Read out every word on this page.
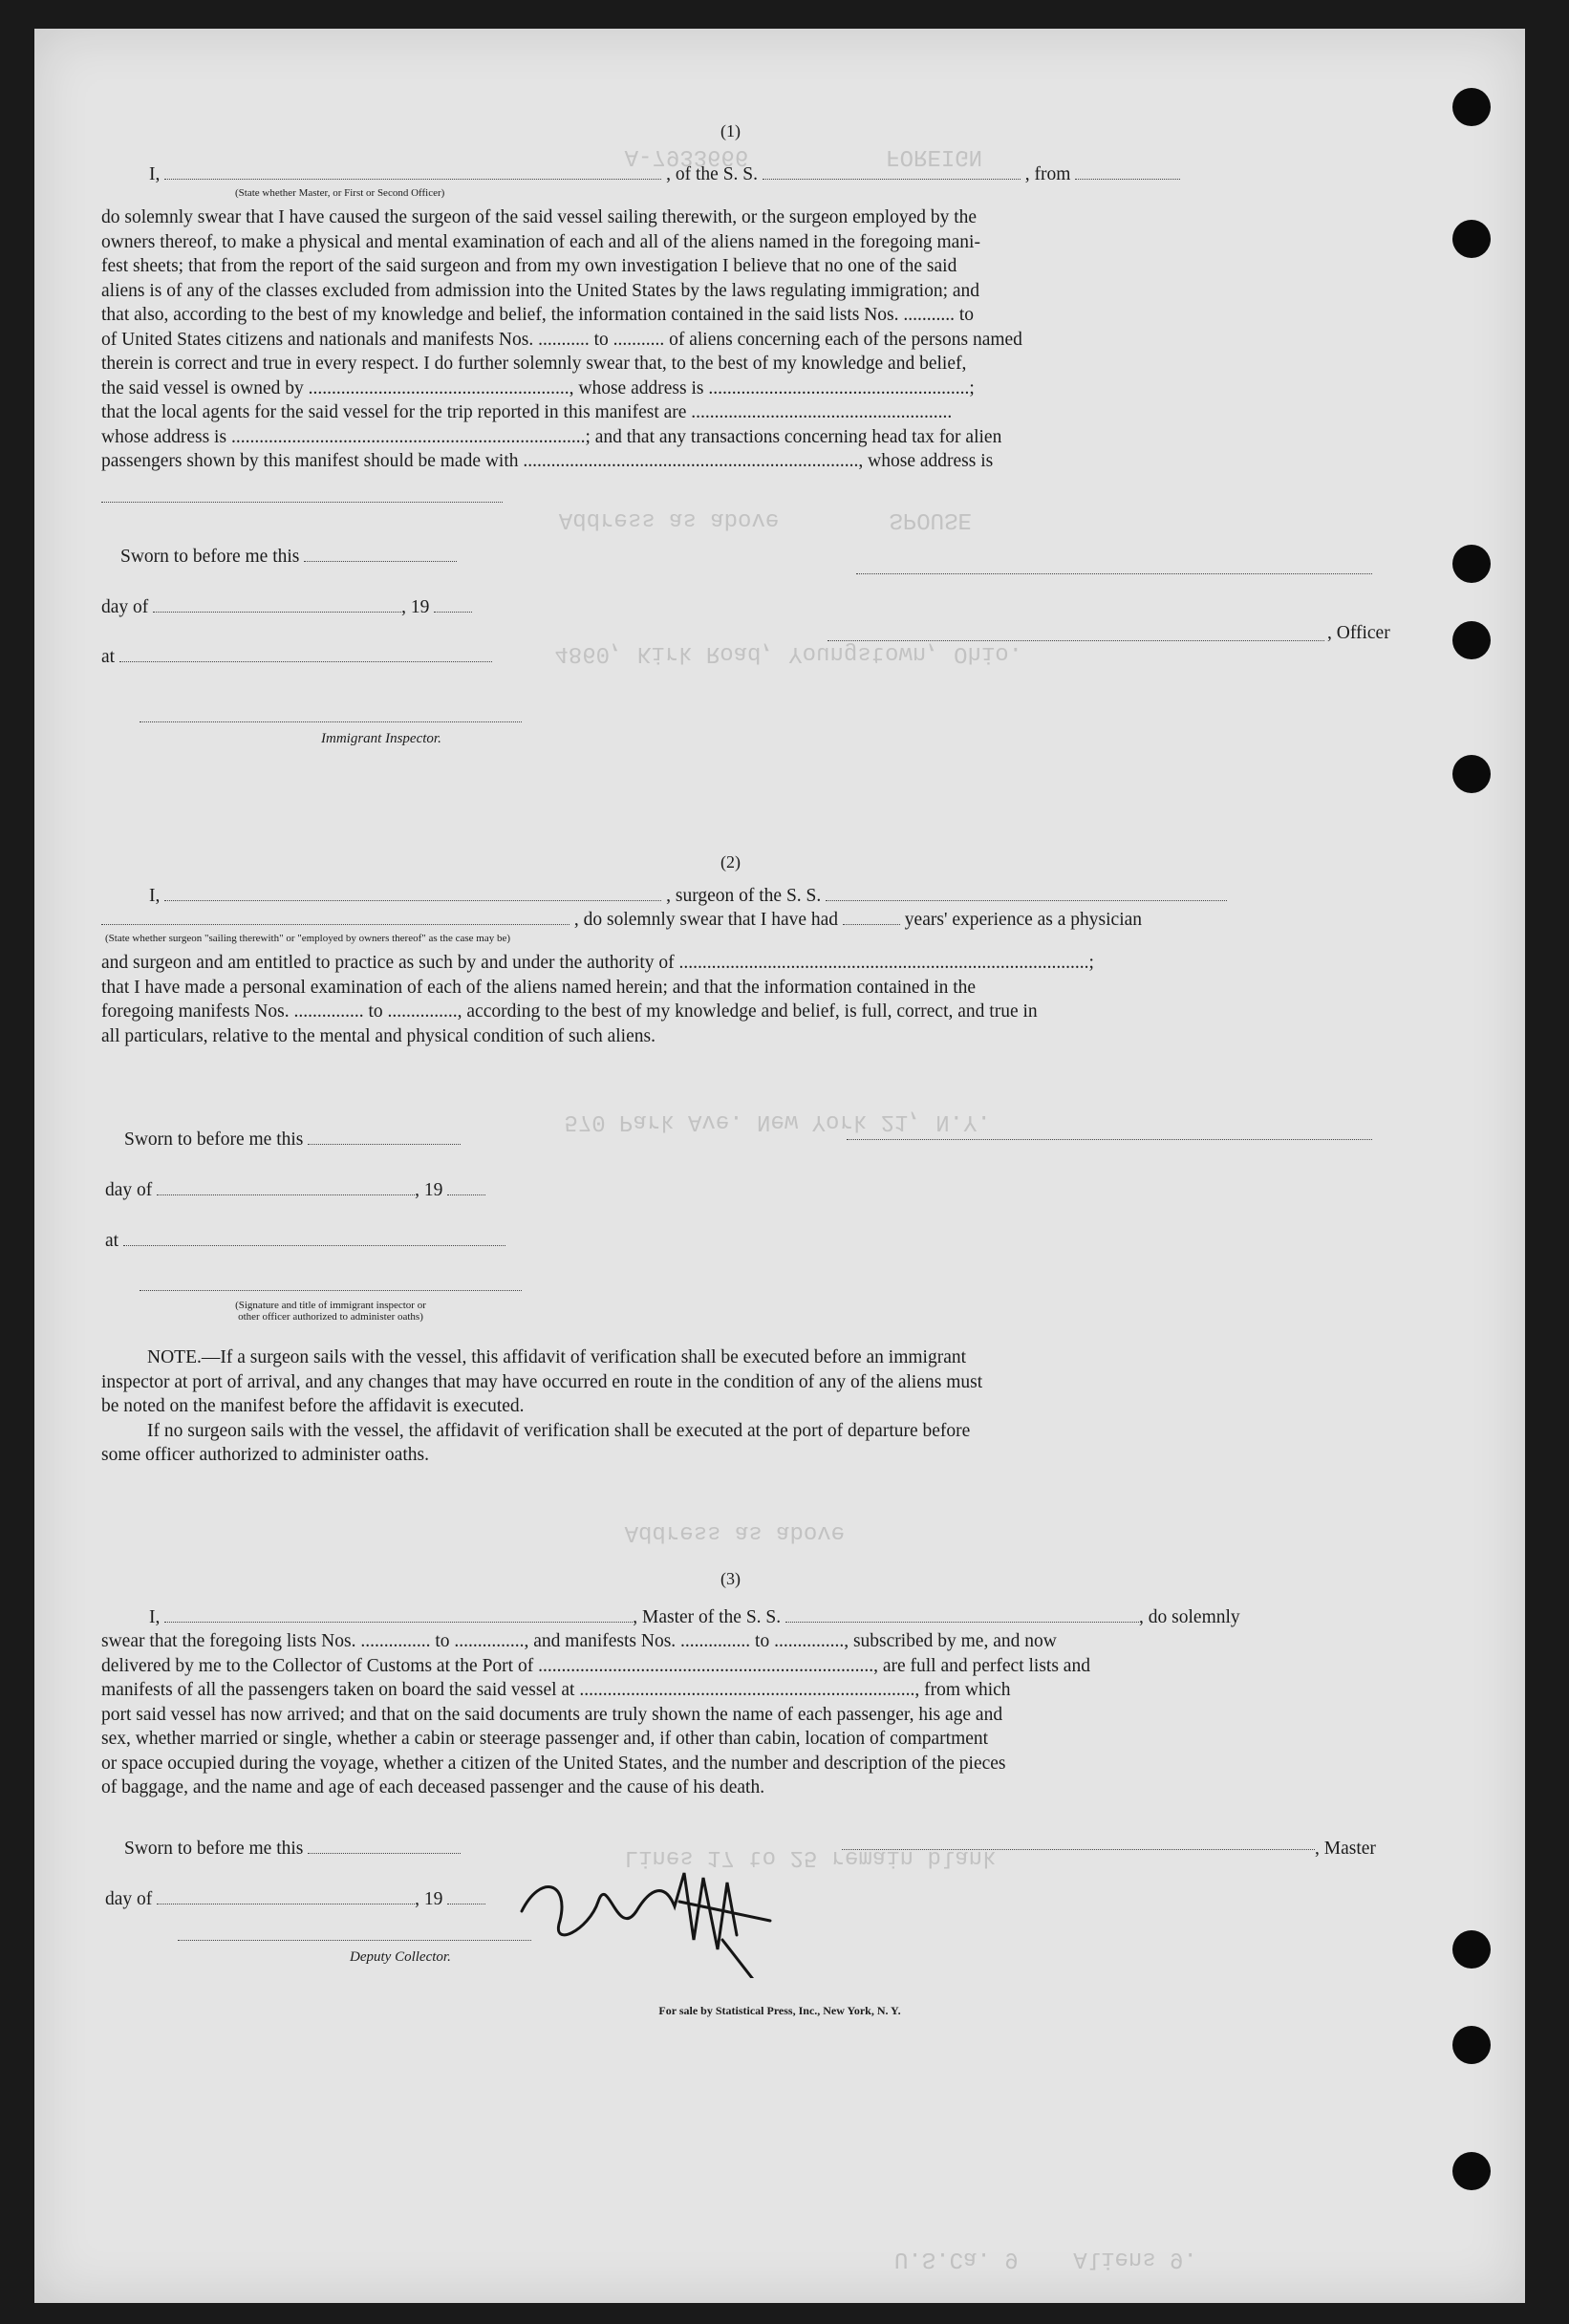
A-7933666          FOREIGN
Address as above        SPOUSE
4860, Kirk Road, Youngstown, Ohio.
570 Park Ave. New York 21, N.Y.
Address as above
Lines 17 to 25 remain blank
U.S.Ca. 9    Aliens 9.
(1)
I,	, of the S. S.	, from
(State whether Master, or First or Second Officer)

do solemnly swear that I have caused the surgeon of the said vessel sailing therewith, or the surgeon employed by the

owners thereof, to make a physical and mental examination of each and all of the aliens named in the foregoing mani-

fest sheets; that from the report of the said surgeon and from my own investigation I believe that no one of the said

aliens is of any of the classes excluded from admission into the United States by the laws regulating immigration; and

that also, according to the best of my knowledge and belief, the information contained in the said lists Nos. ........... to

of United States citizens and nationals and manifests Nos. ........... to ........... of aliens concerning each of the persons named

therein is correct and true in every respect. I do further solemnly swear that, to the best of my knowledge and belief,

the said vessel is owned by ........................................................, whose address is ........................................................;

that the local agents for the said vessel for the trip reported in this manifest are ........................................................

whose address is ............................................................................; and that any transactions concerning head tax for alien

passengers shown by this manifest should be made with ........................................................................, whose address is

Sworn to before me this
day of	, 19
at
, Officer
Immigrant Inspector.
(2)
I,	, surgeon of the S. S.
, do solemnly swear that I have had	years' experience as a physician
(State whether surgeon "sailing therewith" or "employed by owners thereof" as the case may be)

and surgeon and am entitled to practice as such by and under the authority of ........................................................................................;

that I have made a personal examination of each of the aliens named herein; and that the information contained in the

foregoing manifests Nos. ............... to ..............., according to the best of my knowledge and belief, is full, correct, and true in

all particulars, relative to the mental and physical condition of such aliens.

Sworn to before me this
day of	, 19
at
(Signature and title of immigrant inspector or
other officer authorized to administer oaths)

NOTE.—If a surgeon sails with the vessel, this affidavit of verification shall be executed before an immigrant

inspector at port of arrival, and any changes that may have occurred en route in the condition of any of the aliens must

be noted on the manifest before the affidavit is executed.

If no surgeon sails with the vessel, the affidavit of verification shall be executed at the port of departure before

some officer authorized to administer oaths.

(3)
I,	, Master of the S. S.	, do solemnly

swear that the foregoing lists Nos. ............... to ..............., and manifests Nos. ............... to ..............., subscribed by me, and now

delivered by me to the Collector of Customs at the Port of ........................................................................, are full and perfect lists and

manifests of all the passengers taken on board the said vessel at ........................................................................, from which

port said vessel has now arrived; and that on the said documents are truly shown the name of each passenger, his age and

sex, whether married or single, whether a cabin or steerage passenger and, if other than cabin, location of compartment

or space occupied during the voyage, whether a citizen of the United States, and the number and description of the pieces

of baggage, and the name and age of each deceased passenger and the cause of his death.

Sworn to before me this	, Master
day of	, 19
Deputy Collector.
For sale by Statistical Press, Inc., New York, N. Y.
